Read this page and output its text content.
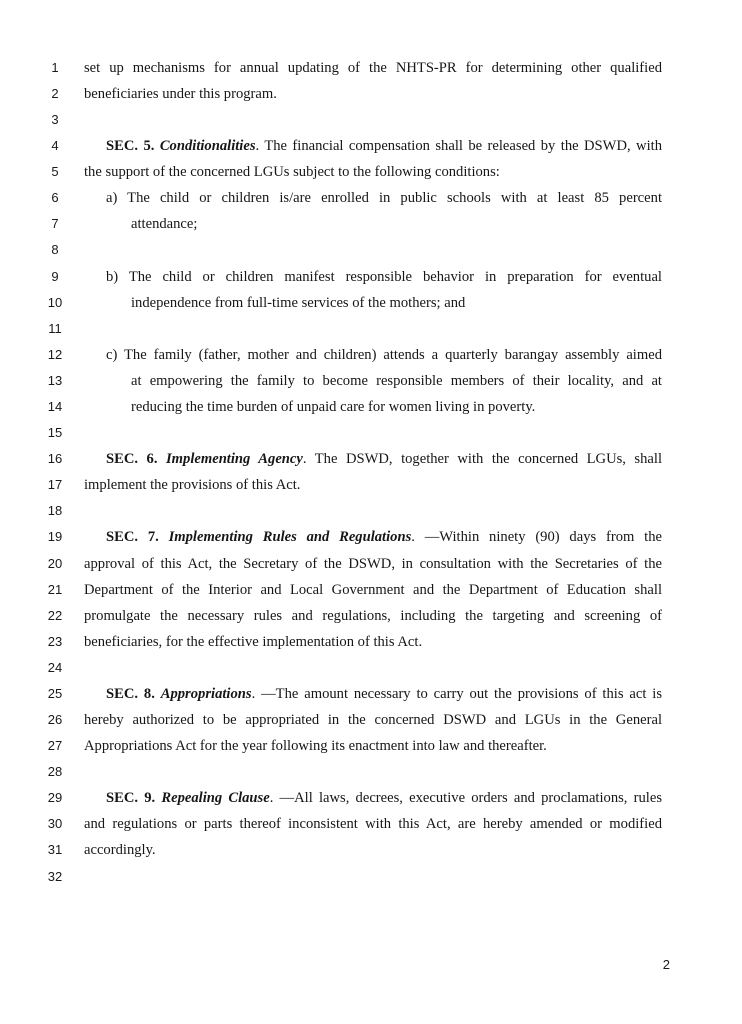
1
2
3
4
5
6
7
8
9
10
11
12
13
14
15
16
17
18
19
20
21
22
23
24
25
26
27
28
29
30
31
32
set up mechanisms for annual updating of the NHTS-PR for determining other qualified
beneficiaries under this program.
SEC. 5. Conditionalities. The financial compensation shall be released by the DSWD, with
the support of the concerned LGUs subject to the following conditions:
a) The child or children is/are enrolled in public schools with at least 85 percent
attendance;
b) The child or children manifest responsible behavior in preparation for eventual
independence from full-time services of the mothers; and
c) The family (father, mother and children) attends a quarterly barangay assembly aimed
at empowering the family to become responsible members of their locality, and at
reducing the time burden of unpaid care for women living in poverty.
SEC. 6. Implementing Agency. The DSWD, together with the concerned LGUs, shall
implement the provisions of this Act.
SEC. 7. Implementing Rules and Regulations. —Within ninety (90) days from the
approval of this Act, the Secretary of the DSWD, in consultation with the Secretaries of the
Department of the Interior and Local Government and the Department of Education shall
promulgate the necessary rules and regulations, including the targeting and screening of
beneficiaries, for the effective implementation of this Act.
SEC. 8. Appropriations. —The amount necessary to carry out the provisions of this act is
hereby authorized to be appropriated in the concerned DSWD and LGUs in the General
Appropriations Act for the year following its enactment into law and thereafter.
SEC. 9. Repealing Clause. —All laws, decrees, executive orders and proclamations, rules
and regulations or parts thereof inconsistent with this Act, are hereby amended or modified
accordingly.
2
